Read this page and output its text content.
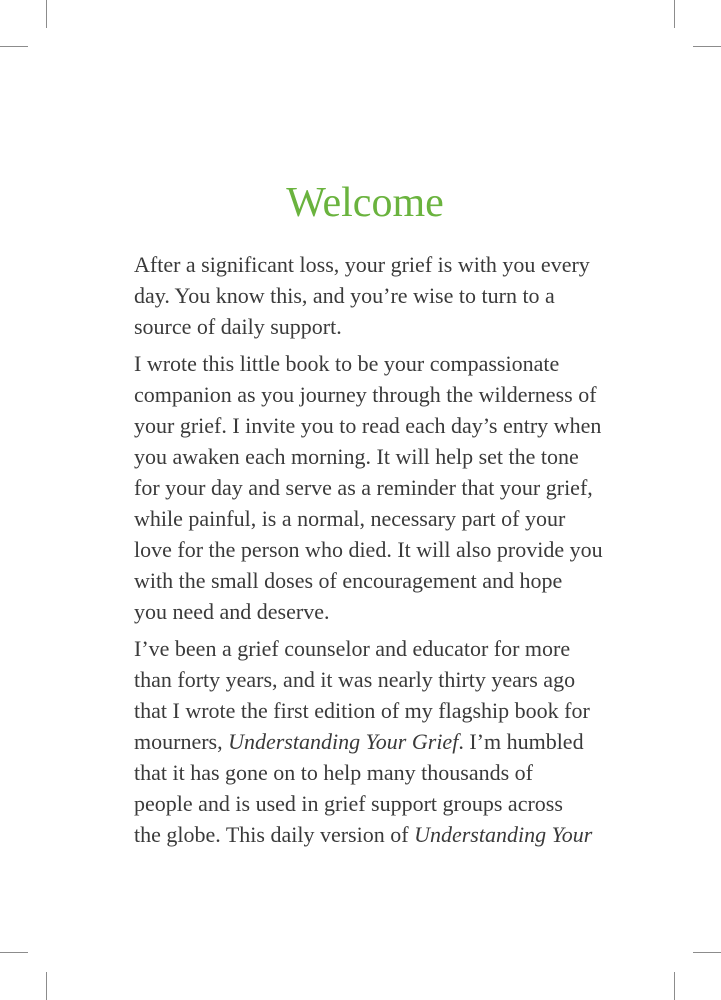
Welcome

After a significant loss, your grief is with you every
day. You know this, and you’re wise to turn to a
source of daily support.

I wrote this little book to be your compassionate
companion as you journey through the wilderness of
your grief. I invite you to read each day’s entry when
you awaken each morning. It will help set the tone
for your day and serve as a reminder that your grief,
while painful, is a normal, necessary part of your
love for the person who died. It will also provide you
with the small doses of encouragement and hope
you need and deserve.

I’ve been a grief counselor and educator for more
than forty years, and it was nearly thirty years ago
that I wrote the first edition of my flagship book for
mourners, Understanding Your Grief. I’m humbled
that it has gone on to help many thousands of
people and is used in grief support groups across
the globe. This daily version of Understanding Your
